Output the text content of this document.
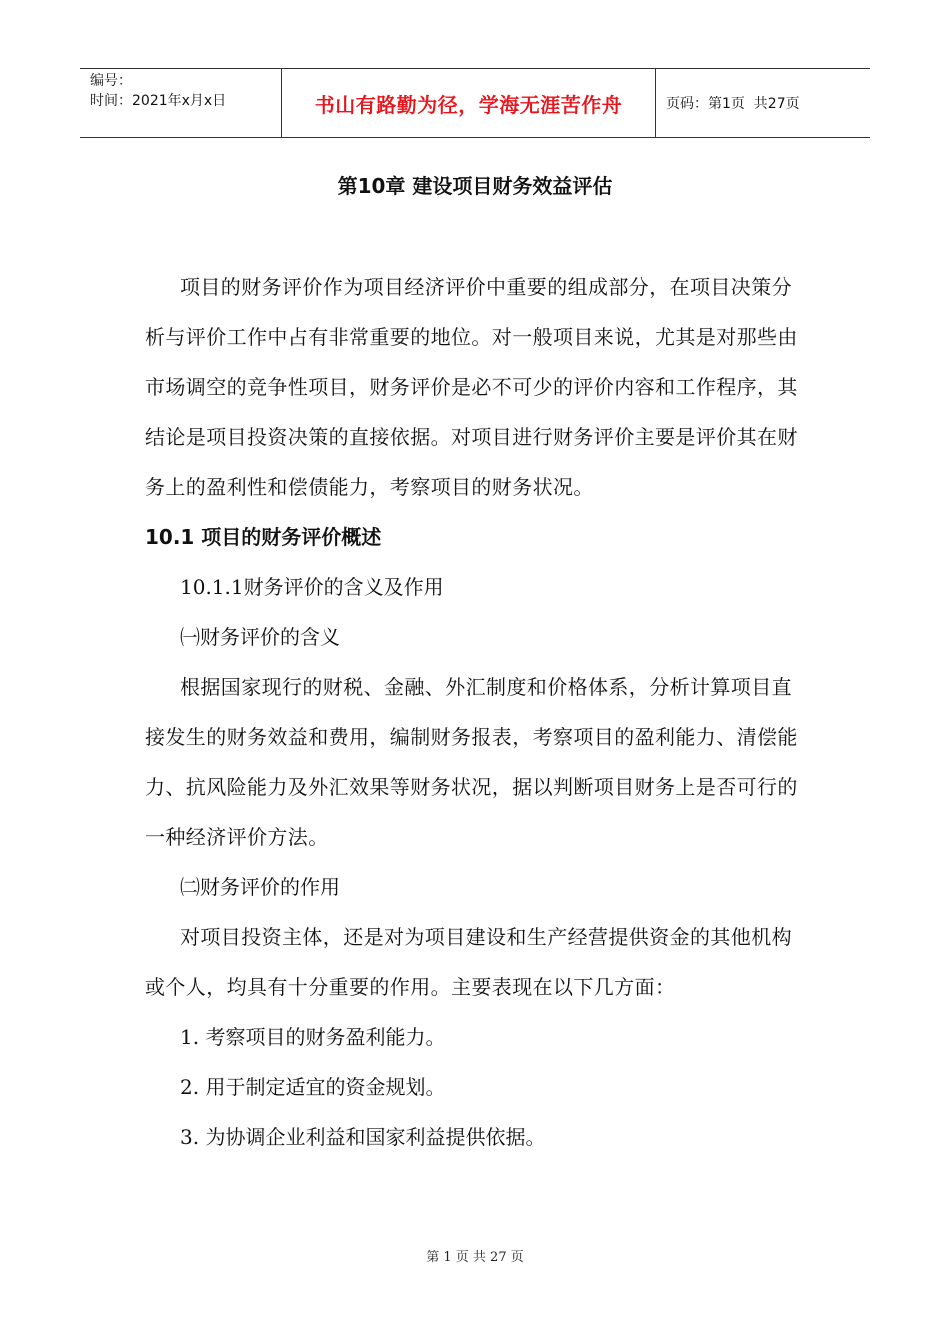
编号：
时间：2021年x月x日	书山有路勤为径，学海无涯苦作舟	页码：第1页  共27页
第10章 建设项目财务效益评估

项目的财务评价作为项目经济评价中重要的组成部分，在项目决策分析与评价工作中占有非常重要的地位。对一般项目来说，尤其是对那些由市场调空的竞争性项目，财务评价是必不可少的评价内容和工作程序，其结论是项目投资决策的直接依据。对项目进行财务评价主要是评价其在财务上的盈利性和偿债能力，考察项目的财务状况。

10.1 项目的财务评价概述

10.1.1财务评价的含义及作用

㈠财务评价的含义

根据国家现行的财税、金融、外汇制度和价格体系，分析计算项目直接发生的财务效益和费用，编制财务报表，考察项目的盈利能力、清偿能力、抗风险能力及外汇效果等财务状况，据以判断项目财务上是否可行的一种经济评价方法。

㈡财务评价的作用

对项目投资主体，还是对为项目建设和生产经营提供资金的其他机构或个人，均具有十分重要的作用。主要表现在以下几方面：

1. 考察项目的财务盈利能力。

2. 用于制定适宜的资金规划。

3. 为协调企业利益和国家利益提供依据。

第 1 页 共 27 页
